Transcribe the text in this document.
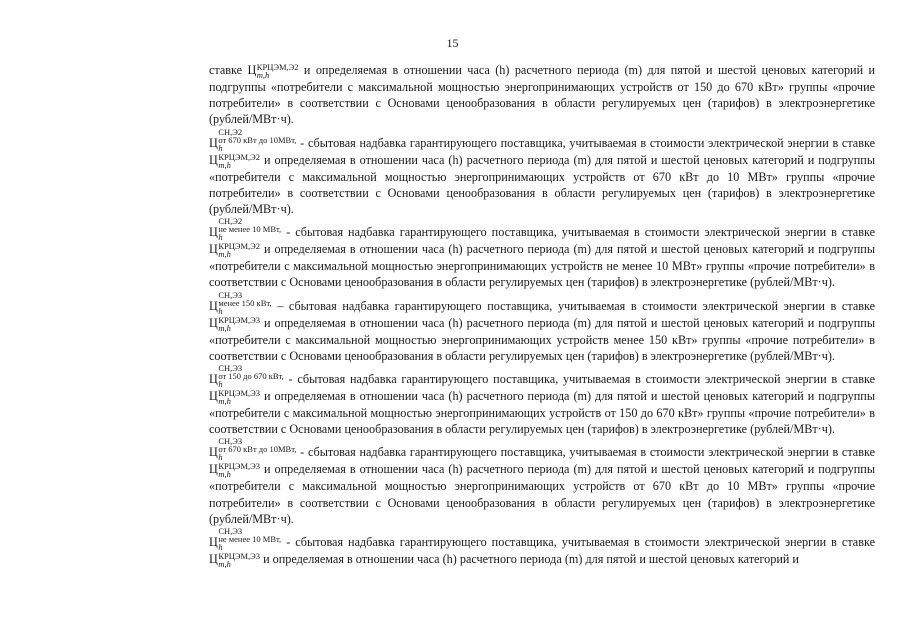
15

ставке Ц КРЦЭМ,Э2
m,h	и определяемая в отношении часа (h) расчетного периода (m) для пятой и шестой ценовых категорий и подгруппы «потребители с максимальной мощностью энергопринимающих устройств от 150 до 670 кВт» группы «прочие потребители» в соответствии с Основами ценообразования в области регулируемых цен (тарифов) в электроэнергетике (рублей/МВт·ч).

Ц
СН,Э2
от 670 кВт до 10МВт,
h	- сбытовая надбавка гарантирующего поставщика, учитываемая в стоимости электрической энергии в ставке Ц КРЦЭМ,Э2
m,h	и определяемая в отношении часа (h) расчетного периода (m) для пятой и шестой ценовых категорий и подгруппы «потребители с максимальной мощностью энергопринимающих устройств от 670 кВт до 10 МВт» группы «прочие потребители» в соответствии с Основами ценообразования в области регулируемых цен (тарифов) в электроэнергетике (рублей/МВт·ч).

Ц
СН,Э2
не менее 10 МВт,
h	- сбытовая надбавка гарантирующего поставщика, учитываемая в стоимости электрической энергии в ставке Ц КРЦЭМ,Э2
m,h	и определяемая в отношении часа (h) расчетного периода (m) для пятой и шестой ценовых категорий и подгруппы «потребители с максимальной мощностью энергопринимающих устройств не менее 10 МВт» группы «прочие потребители» в соответствии с Основами ценообразования в области регулируемых цен (тарифов) в электроэнергетике (рублей/МВт·ч).

Ц
СН,Э3
менее 150 кВт,
h	– сбытовая надбавка гарантирующего поставщика, учитываемая в стоимости электрической энергии в ставке Ц КРЦЭМ,Э3
m,h	и определяемая в отношении часа (h) расчетного периода (m) для пятой и шестой ценовых категорий и подгруппы «потребители с максимальной мощностью энергопринимающих устройств менее 150 кВт» группы «прочие потребители» в соответствии с Основами ценообразования в области регулируемых цен (тарифов) в электроэнергетике (рублей/МВт·ч).

Ц
СН,Э3
от 150 до 670 кВт,
h	- сбытовая надбавка гарантирующего поставщика, учитываемая в стоимости электрической энергии в ставке Ц КРЦЭМ,Э3
m,h	и определяемая в отношении часа (h) расчетного периода (m) для пятой и шестой ценовых категорий и подгруппы «потребители с максимальной мощностью энергопринимающих устройств от 150 до 670 кВт» группы «прочие потребители» в соответствии с Основами ценообразования в области регулируемых цен (тарифов) в электроэнергетике (рублей/МВт·ч).

Ц
СН,Э3
от 670 кВт до 10МВт,
h	- сбытовая надбавка гарантирующего поставщика, учитываемая в стоимости электрической энергии в ставке Ц КРЦЭМ,Э3
m,h	и определяемая в отношении часа (h) расчетного периода (m) для пятой и шестой ценовых категорий и подгруппы «потребители с максимальной мощностью энергопринимающих устройств от 670 кВт до 10 МВт» группы «прочие потребители» в соответствии с Основами ценообразования в области регулируемых цен (тарифов) в электроэнергетике (рублей/МВт·ч).

Ц
СН,Э3
не менее 10 МВт,
h	- сбытовая надбавка гарантирующего поставщика, учитываемая в стоимости электрической энергии в ставке Ц КРЦЭМ,Э3
m,h	и определяемая в отношении часа (h) расчетного периода (m) для пятой и шестой ценовых категорий и
